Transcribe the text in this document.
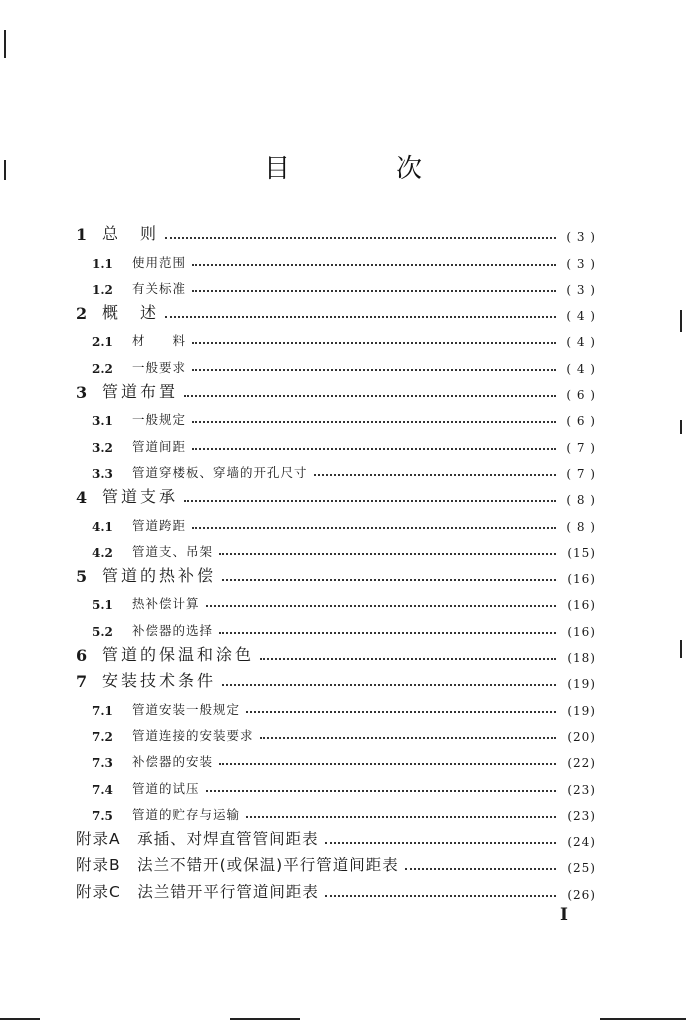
目　次
1 总　则	( 3 )
1.1	使用范围	( 3 )
1.2	有关标准	( 3 )
2 概　述	( 4 )
2.1	材　　料	( 4 )
2.2	一般要求	( 4 )
3 管道布置	( 6 )
3.1	一般规定	( 6 )
3.2	管道间距	( 7 )
3.3	管道穿楼板、穿墙的开孔尺寸	( 7 )
4 管道支承	( 8 )
4.1	管道跨距	( 8 )
4.2	管道支、吊架	(15)
5 管道的热补偿	(16)
5.1	热补偿计算	(16)
5.2	补偿器的选择	(16)
6 管道的保温和涂色	(18)
7 安装技术条件	(19)
7.1	管道安装一般规定	(19)
7.2	管道连接的安装要求	(20)
7.3	补偿器的安装	(22)
7.4	管道的试压	(23)
7.5	管道的贮存与运输	(23)
附录A　承插、对焊直管管间距表	(24)
附录B　法兰不错开(或保温)平行管道间距表	(25)
附录C　法兰错开平行管道间距表	(26)
I
